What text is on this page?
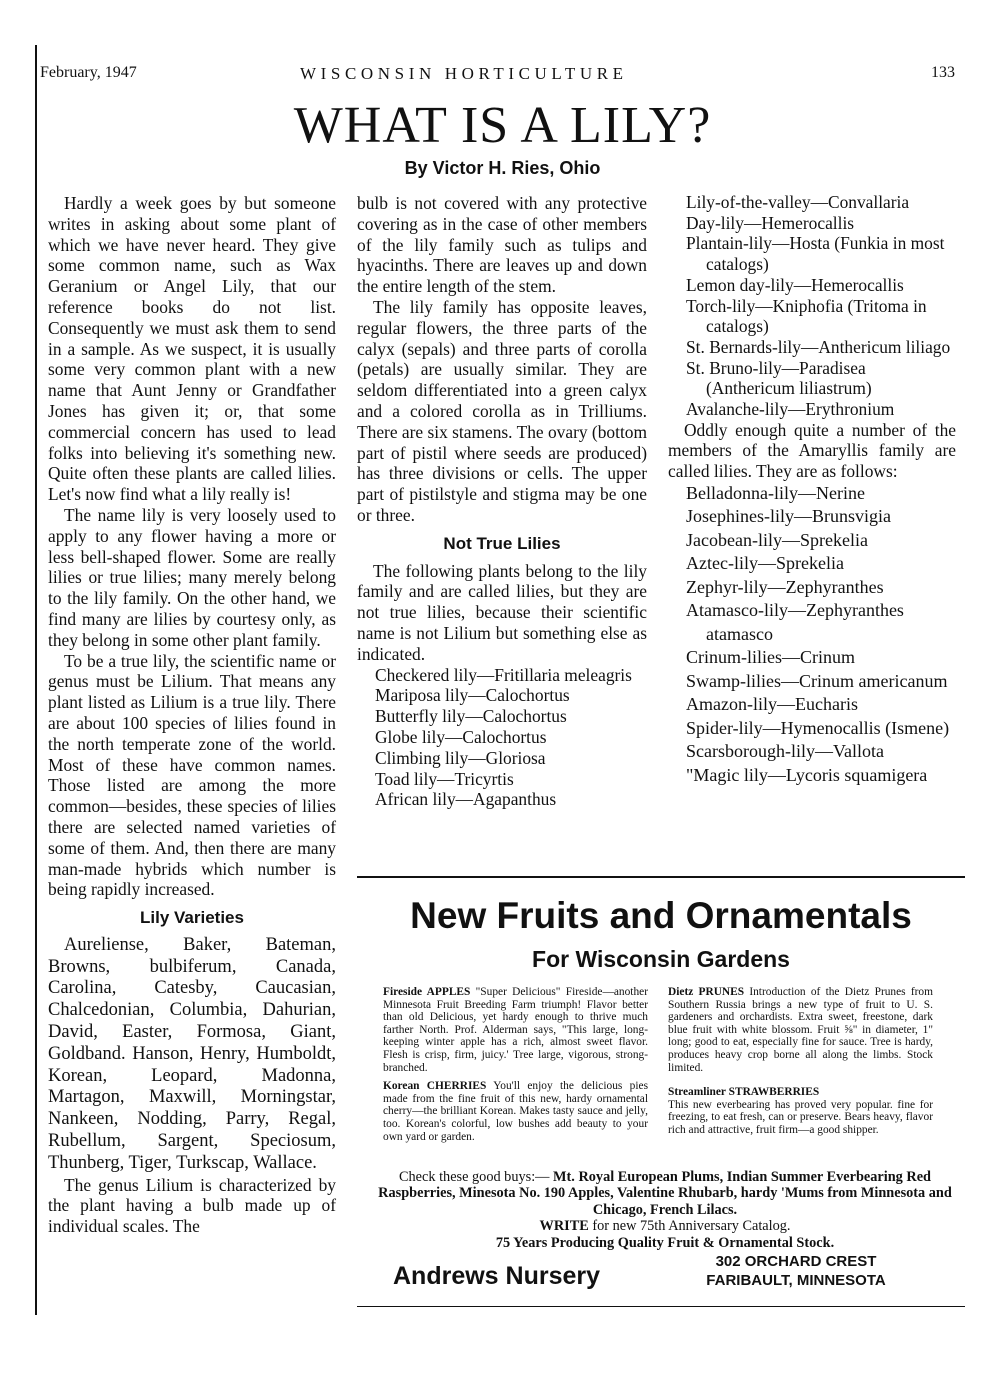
February, 1947	WISCONSIN HORTICULTURE	133
WHAT IS A LILY?
By Victor H. Ries, Ohio

Hardly a week goes by but someone writes in asking about some plant of which we have never heard. They give some common name, such as Wax Geranium or Angel Lily, that our reference books do not list. Consequently we must ask them to send in a sample. As we suspect, it is usually some very common plant with a new name that Aunt Jenny or Grandfather Jones has given it; or, that some commercial concern has used to lead folks into believing it's something new. Quite often these plants are called lilies. Let's now find what a lily really is!

The name lily is very loosely used to apply to any flower having a more or less bell-shaped flower. Some are really lilies or true lilies; many merely belong to the lily family. On the other hand, we find many are lilies by courtesy only, as they belong in some other plant family.

To be a true lily, the scientific name or genus must be Lilium. That means any plant listed as Lilium is a true lily. There are about 100 species of lilies found in the north temperate zone of the world. Most of these have common names. Those listed are among the more common—besides, these species of lilies there are selected named varieties of some of them. And, then there are many man-made hybrids which number is being rapidly increased.

Lily Varieties

Aureliense, Baker, Bateman, Browns, bulbiferum, Canada, Carolina, Catesby, Caucasian, Chalcedonian, Columbia, Dahurian, David, Easter, Formosa, Giant, Goldband. Hanson, Henry, Humboldt, Korean, Leopard, Madonna, Martagon, Maxwill, Morningstar, Nankeen, Nodding, Parry, Regal, Rubellum, Sargent, Speciosum, Thunberg, Tiger, Turkscap, Wallace.

The genus Lilium is characterized by the plant having a bulb made up of individual scales. The

bulb is not covered with any protective covering as in the case of other members of the lily family such as tulips and hyacinths. There are leaves up and down the entire length of the stem.

The lily family has opposite leaves, regular flowers, the three parts of the calyx (sepals) and three parts of corolla (petals) are usually similar. They are seldom differentiated into a green calyx and a colored corolla as in Trilliums. There are six stamens. The ovary (bottom part of pistil where seeds are produced) has three divisions or cells. The upper part of pistilstyle and stigma may be one or three.

Not True Lilies

The following plants belong to the lily family and are called lilies, but they are not true lilies, because their scientific name is not Lilium but something else as indicated.

Checkered lily—Fritillaria meleagris

Mariposa lily—Calochortus

Butterfly lily—Calochortus

Globe lily—Calochortus

Climbing lily—Gloriosa

Toad lily—Tricyrtis

African lily—Agapanthus

Lily-of-the-valley—Convallaria

Day-lily—Hemerocallis

Plantain-lily—Hosta (Funkia in most catalogs)

Lemon day-lily—Hemerocallis

Torch-lily—Kniphofia (Tritoma in catalogs)

St. Bernards-lily—Anthericum liliago

St. Bruno-lily—Paradisea (Anthericum liliastrum)

Avalanche-lily—Erythronium

Oddly enough quite a number of the members of the Amaryllis family are called lilies. They are as follows:

Belladonna-lily—Nerine

Josephines-lily—Brunsvigia

Jacobean-lily—Sprekelia

Aztec-lily—Sprekelia

Zephyr-lily—Zephyranthes

Atamasco-lily—Zephyranthes atamasco

Crinum-lilies—Crinum

Swamp-lilies—Crinum americanum

Amazon-lily—Eucharis

Spider-lily—Hymenocallis (Ismene)

Scarsborough-lily—Vallota

"Magic lily—Lycoris squamigera

New Fruits and Ornamentals
For Wisconsin Gardens

Fireside APPLES "Super Delicious" Fireside—another Minnesota Fruit Breeding Farm triumph! Flavor better than old Delicious, yet hardy enough to thrive much farther North. Prof. Alderman says, "This large, long-keeping winter apple has a rich, almost sweet flavor. Flesh is crisp, firm, juicy.' Tree large, vigorous, strong-branched.

Korean CHERRIES You'll enjoy the delicious pies made from the fine fruit of this new, hardy ornamental cherry—the brilliant Korean. Makes tasty sauce and jelly, too. Korean's colorful, low bushes add beauty to your own yard or garden.

Dietz PRUNES Introduction of the Dietz Prunes from Southern Russia brings a new type of fruit to U. S. gardeners and orchardists. Extra sweet, freestone, dark blue fruit with white blossom. Fruit ⅝" in diameter, 1" long; good to eat, especially fine for sauce. Tree is hardy, produces heavy crop borne all along the limbs. Stock limited.

Streamliner STRAWBERRIES
This new everbearing has proved very popular. fine for freezing, to eat fresh, can or preserve. Bears heavy, flavor rich and attractive, fruit firm—a good shipper.

Check these good buys:— Mt. Royal European Plums, Indian Summer Everbearing Red Raspberries, Minesota No. 190 Apples, Valentine Rhubarb, hardy 'Mums from Minnesota and Chicago, French Lilacs.
WRITE for new 75th Anniversary Catalog.
75 Years Producing Quality Fruit & Ornamental Stock.
Andrews Nursery
302 ORCHARD CREST
FARIBAULT, MINNESOTA
